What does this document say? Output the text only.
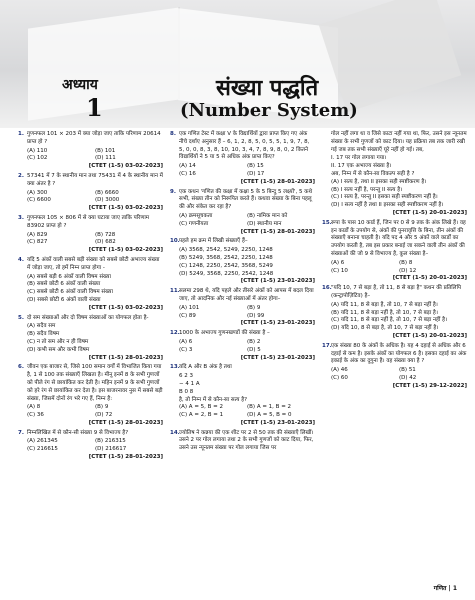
अध्याय
1
संख्या पद्धति
(Number System)
1. गुणनफल 101 × 203 में क्या जोड़ा जाए ताकि परिणाम 20614 प्राप्त हो ?
(A) 110	(B) 101
(C) 102	(D) 111
[CTET (1-5) 03-02-2023]
2. 57341 में 7 के स्थानीय मान तथा 75431 में 4 के स्थानीय मान में क्या अंतर है ?
(A) 300	(B) 6660
(C) 6600	(D) 3000
[CTET (1-5) 03-02-2023]
3. गुणनफल 105 × 806 में से क्या घटाया जाए ताकि परिणाम 83902 प्राप्त हो ?
(A) 829	(B) 728
(C) 827	(D) 682
[CTET (1-5) 03-02-2023]
4. यदि 5 अंकों वाली सबसे बड़ी संख्या को सबसे छोटी अभाज्य संख्या में जोड़ा जाए, तो हमें निम्न प्राप्त होगा -
(A) सबसे बड़ी 6 अंकों वाली विषम संख्या
(B) सबसे छोटी 6 अंकों वाली संख्या
(C) सबसे छोटी 6 अंकों वाली विषम संख्या
(D) सबसे छोटी 6 अंकों वाली संख्या
[CTET (1-5) 03-02-2023]
5. दो सम संख्याओं और दो विषम संख्याओं का योगफल होता है-
(A) सदैव सम
(B) सदैव विषम
(C) न तो सम और न ही विषम
(D) कभी सम और कभी विषम
[CTET (1-5) 28-01-2023]
6. जीवन एक बाजार से, जिसे 100 समान वर्गों में विभाजित किया गया है, 1 से 100 तक संख्याएँ लिखता है। मीनू इनमें 8 के सभी गुणजों को पीले रंग से छायांकित कर देती है। महिन इनमें 9 के सभी गुणजों को हरे रंग से छायांकित कर देता है। इस बाजरनावर नुस में सबसे बड़ी संख्या, जिसमें दोनों रंग भरे गए हैं, निम्न है:
(A) 8	(B) 9
(C) 36	(D) 72
[CTET (1-5) 28-01-2023]
7. निम्नलिखित में से कौन-सी संख्या 9 से विभाज्य है?
(A) 261345	(B) 216315
(C) 216615	(D) 216617
[CTET (1-5) 28-01-2023]
8. एक गणित टेस्ट में कक्षा V के विद्यार्थियों द्वारा प्राप्त किए गए अंक नीचे दर्शाए अनुसार हैं – 6, 1, 2, 8, 5, 0, 5, 5, 1, 9, 7, 8, 5, 0, 0, 8, 3, 8, 10, 10, 3, 4, 7, 8, 9, 8, 0, 2 कितने विद्यार्थियों ने 5 या 5 से अधिक अंक प्राप्त किए?
(A) 14	(B) 15
(C) 16	(D) 17
[CTET (1-5) 28-01-2023]
9. एक कथन 'गणित की कक्षा में कक्षा 5 के 5 बिन्दु 5 लक्ष्यों', 5 कथे सभी, संख्या तीन को निरूपित करते हैं। कथवा संख्या के बिना पहलू की और संकेत कर रहा है?
(A) क्रमसूचकता	(B) नामिक मान को
(C) गणनीयता	(D) स्थानीय मान
[CTET (1-5) 28-01-2023]
10. पहले हम क्रम में लिखी संख्याएँ हैं–
(A) 3568, 2542, 5249, 2250, 1248
(B) 5249, 3568, 2542, 2250, 1248
(C) 1248, 2250, 2542, 3568, 5249
(D) 5249, 3568, 2250, 2542, 1248
[CTET (1-5) 23-01-2023]
11. सलमा 298 थे, यदि पहले और तीसरे अंकों को आपस में बदल दिया जाए, तो आदनिक और नई संख्याओं में अंतर होगा–
(A) 101	(B) 9
(C) 89	(D) 99
[CTET (1-5) 23-01-2023]
12. 1000 के अभाज्य गुणनखण्डों की संख्या है –
(A) 6	(B) 2
(C) 3	(D) 5
[CTET (1-5) 23-01-2023]
13. यदि A और B अंक है तथा
6 2 3
− 4 1 A
B 0 8
है, तो निम्न में से कौन-सा सत्य है?
(A) A = 5, B = 2	(B) A = 1, B = 2
(C) A = 2, B = 1	(D) A = 5, B = 0
[CTET (1-5) 23-01-2023]
14. ज्योतिष ने कन्नया की एक शीट पर 2 से 50 तक की संख्याएँ लिखीं। उसने 2 पर गोल लगाया तथा 2 के सभी गुणजों को काट दिया, फिर, उसने उस न्यूनतम संख्या पर गोल लगाया जिस पर
गोल नहीं लगा था व जिसे काटा नहीं गया था, फिर, उसने इस न्यूनतम संख्या के सभी गुणजों को काट दिया। यह प्रक्रिया तब तक जारी रखी गई जब तक सभी संख्याएँ घूरे नहीं हो गई। तब,
I. 17 पर गोल लगाया गया।
II. 17 एक अभाज्य संख्या है।
अब, निम्न में से कौन-सा विकल्प सही है ?
(A) I सत्य है, तथा II इसका सही स्पष्टीकरण है।
(B) I सत्य नहीं है, परन्तु II सत्य है।
(C) I सत्य है, परन्तु II इसका सही स्पष्टीकरण नहीं है।
(D) I सत्य नहीं है तथा II इसका सही स्पष्टीकरण नहीं है।
[CTET (1-5) 20-01-2023]
15. रूपा के पास 10 कार्ड हैं, जिन पर 0 से 9 तक के अंक लिखे हैं। वह इन कार्डों के उपयोग से, अंकों की पुनरावृत्ति के बिना, तीन अंकों की संख्याएँ बनाना चाहती है। यदि पद 4 और 5 अंकों वाले कार्डों का उपयोग करती है, तब इस प्रकार बनाई जा सकने वाली तीन अंकों की संख्याओं की जो 9 से विभाज्य है, कुल संख्या है–
(A) 6	(B) 8
(C) 10	(D) 12
[CTET (1-5) 20-01-2023]
16. "यदि 10, 7 से बड़ा है, तो 11, 8 से बड़ा है" कथन की प्रतिलिपि (कन्ट्रापोज़िटिव) है–
(A) यदि 11, 8 से बड़ा है, तो 10, 7 से बड़ा नहीं है।
(B) यदि 11, 8 से बड़ा नहीं है, तो 10, 7 से बड़ा है।
(C) यदि 11, 8 से बड़ा नहीं है, तो 10, 7 से बड़ा नहीं है।
(D) यदि 10, 8 से बड़ा है, तो 10, 7 से बड़ा नहीं है।
[CTET (1-5) 20-01-2023]
17. एक संख्या 80 के अंकों के अधिक है। यह 4 दहाई से अधिक और 6 दहाई से कम है। इसके अंकों का योगफल 6 है। इसका दहाई का अंक इकाई के अंक का दुगुना है। वह संख्या क्या है ?
(A) 46	(B) 51
(C) 60	(D) 42
[CTET (1-5) 29-12-2022]
गणित | 1
